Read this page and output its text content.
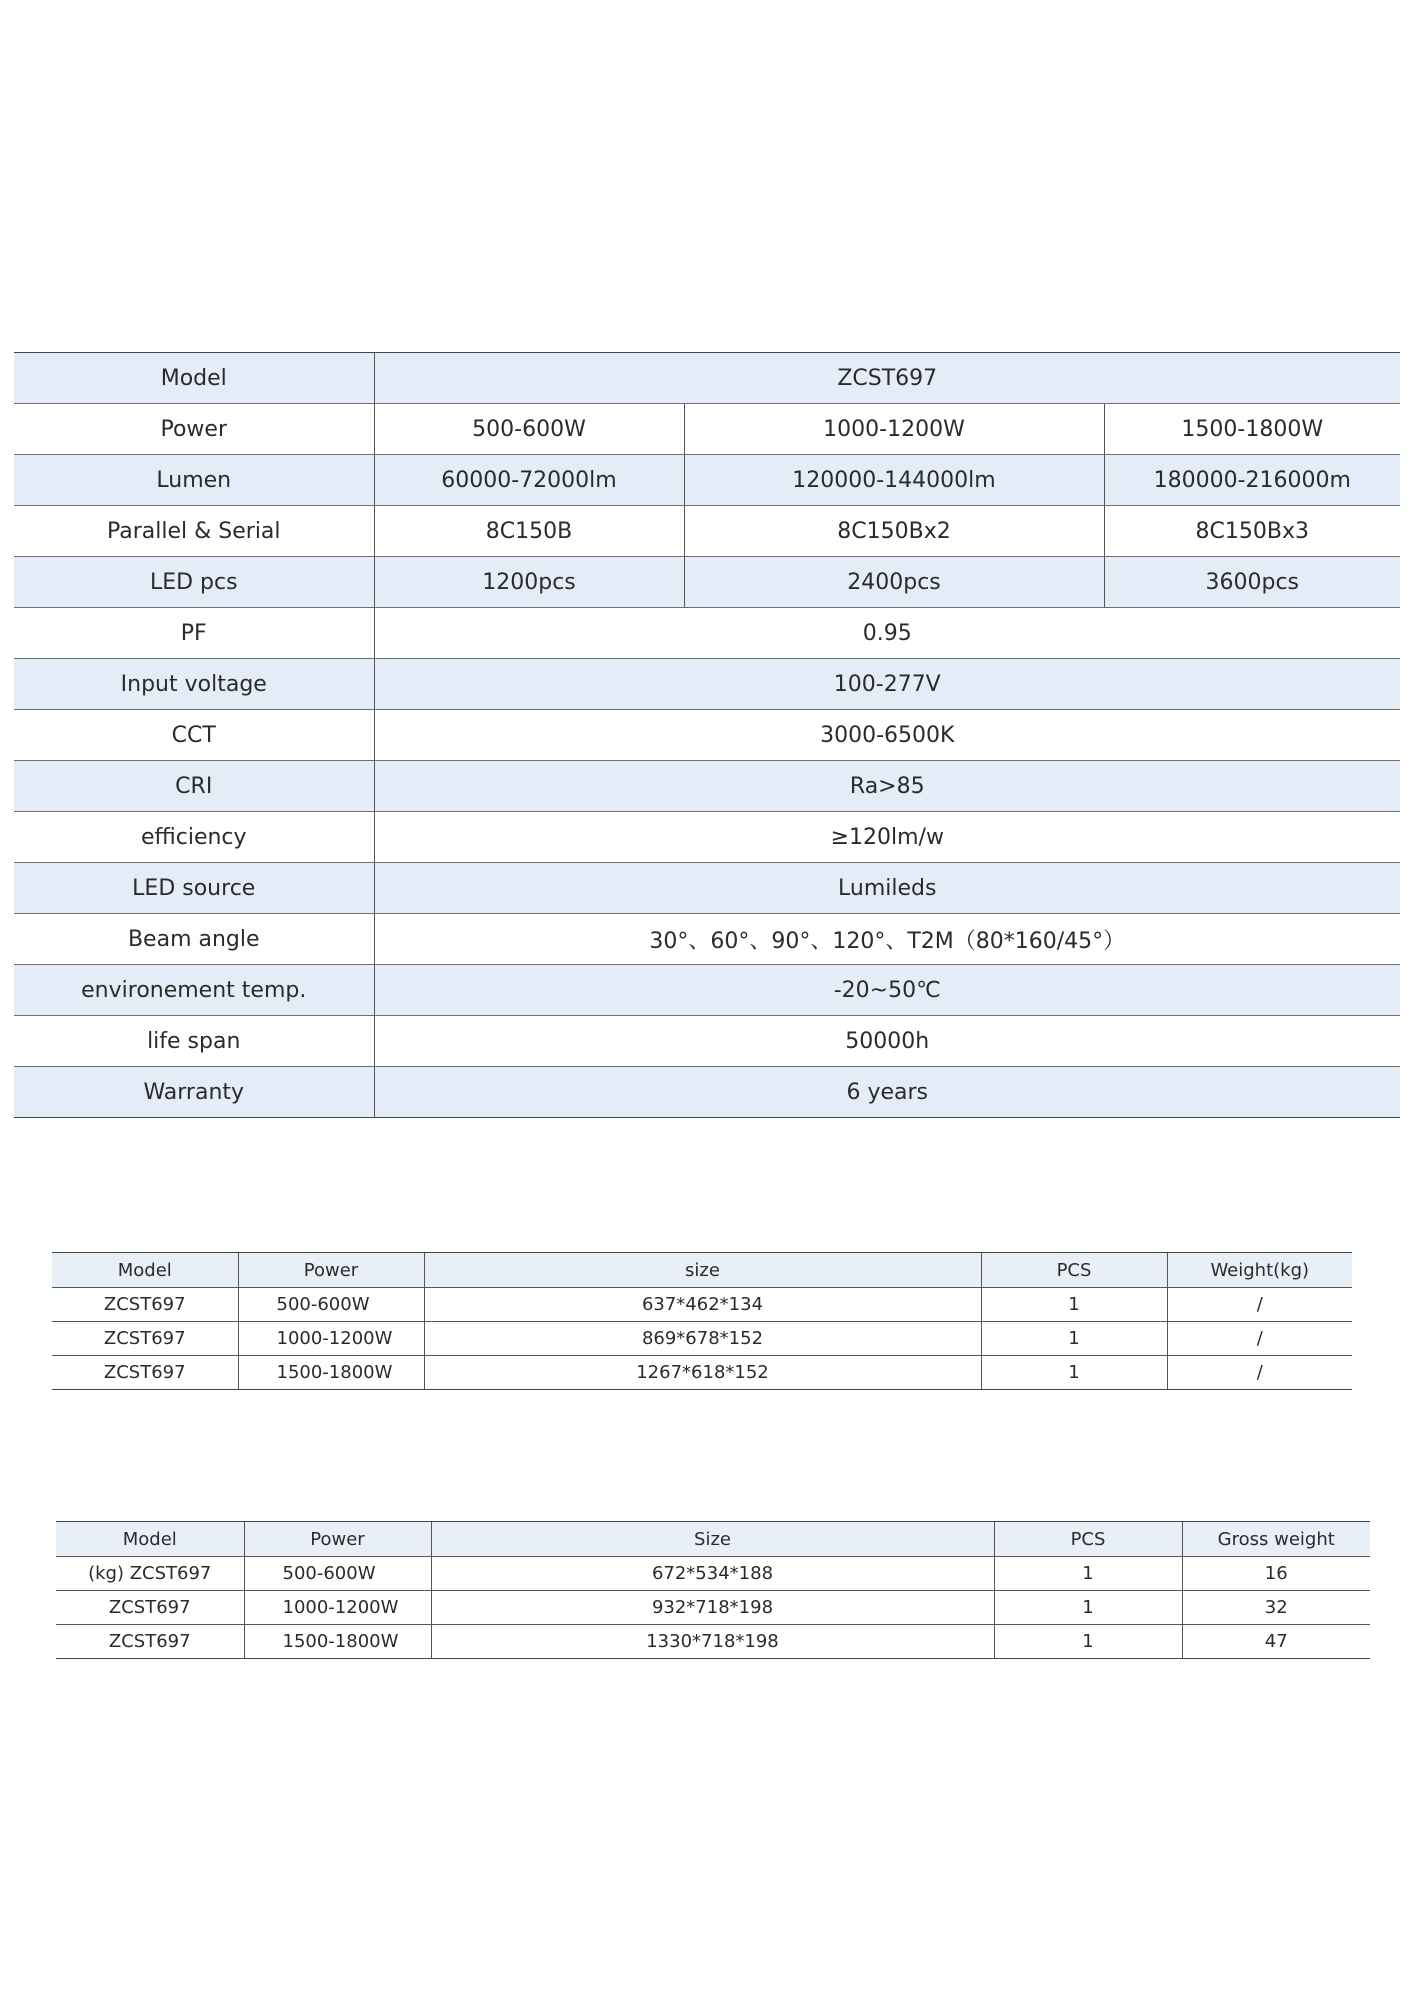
Model	ZCST697		
Power	500-600W	1000-1200W	1500-1800W
Lumen	60000-72000lm	120000-144000lm	180000-216000m
Parallel & Serial	8C150B	8C150Bx2	8C150Bx3
LED pcs	1200pcs	2400pcs	3600pcs
PF	0.95		
Input voltage	100-277V		
CCT	3000-6500K		
CRI	Ra>85		
efficiency	≥120lm/w		
LED source	Lumileds		
Beam angle	30°、60°、90°、120°、T2M（80*160/45°）		
environement temp.	-20~50℃		
life span	50000h		
Warranty	6 years		
Model	Power	size	PCS	Weight(kg)
ZCST697	500-600W	637*462*134	1	/
ZCST697	1000-1200W	869*678*152	1	/
ZCST697	1500-1800W	1267*618*152	1	/
Model	Power	Size	PCS	Gross weight
(kg) ZCST697	500-600W	672*534*188	1	16
ZCST697	1000-1200W	932*718*198	1	32
ZCST697	1500-1800W	1330*718*198	1	47
